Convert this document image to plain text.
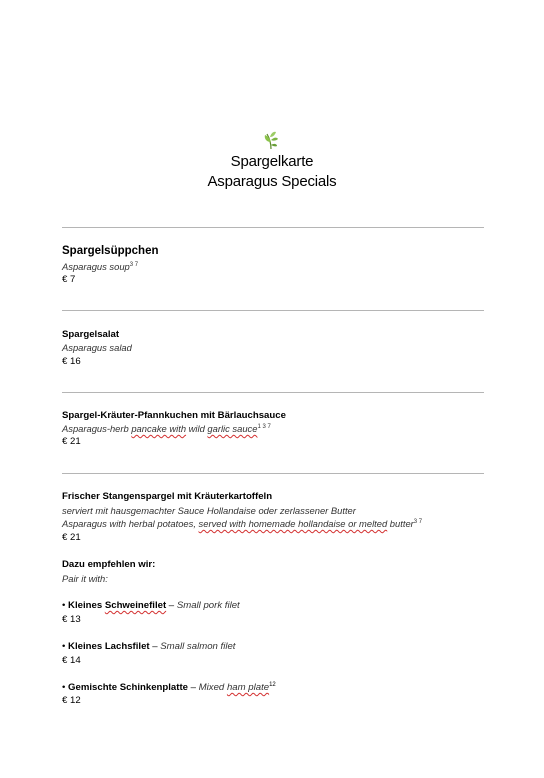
Spargelkarte
Asparagus Specials
Spargelsüppchen
Asparagus soup$^{3 7}$
€ 7
Spargelsalat
Asparagus salad
€ 16
Spargel-Kräuter-Pfannkuchen mit Bärlauchsauce
Asparagus-herb pancake with wild garlic sauce$^{1 3 7}$
€ 21
Frischer Stangenspargel mit Kräuterkartoffeln
serviert mit hausgemachter Sauce Hollandaise oder zerlassener Butter
Asparagus with herbal potatoes, served with homemade hollandaise or melted butter$^{3 7}$
€ 21
Dazu empfehlen wir:
Pair it with:
• Kleines Schweinefilet – Small pork filet
€ 13
• Kleines Lachsfilet – Small salmon filet
€ 14
• Gemischte Schinkenplatte – Mixed ham plate$^{12}$
€ 12
